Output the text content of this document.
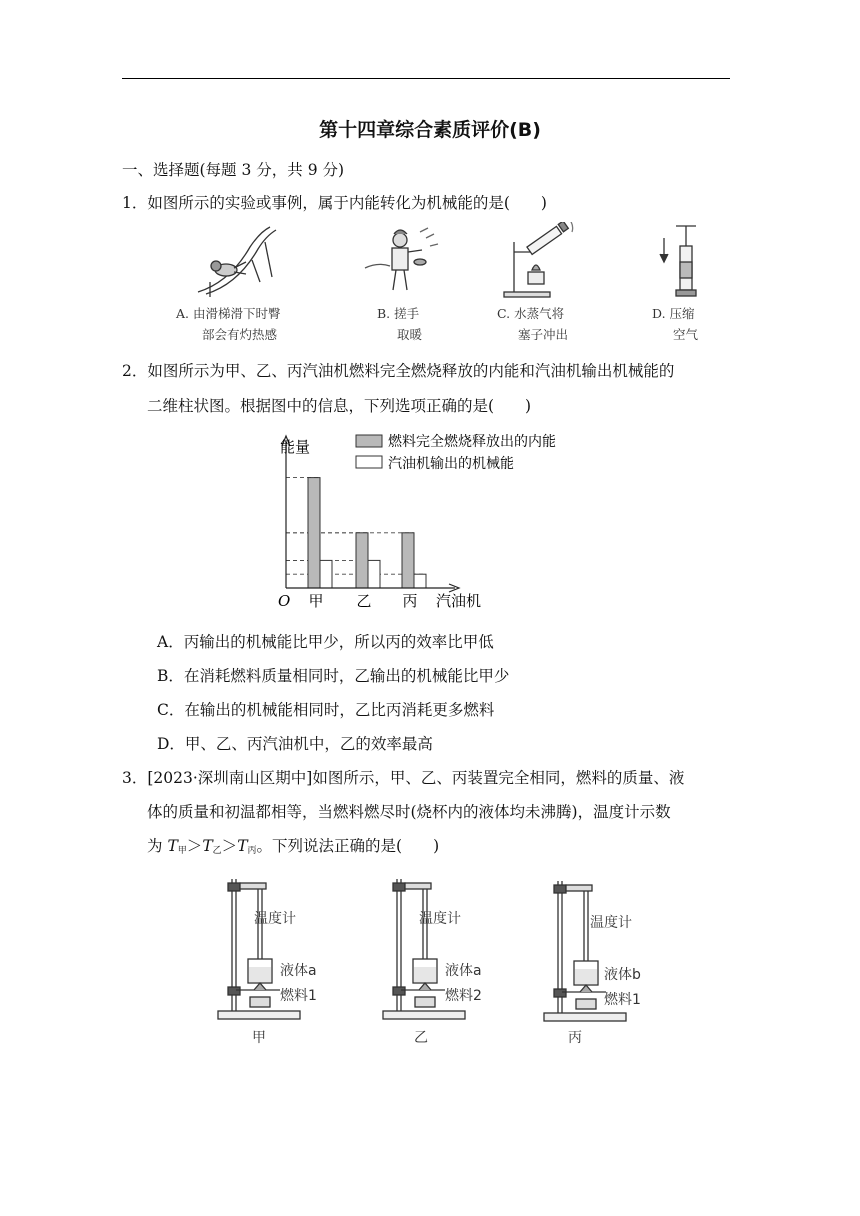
第十四章综合素质评价(B)
一、选择题(每题 3 分，共 9 分)
1．如图所示的实验或事例，属于内能转化为机械能的是(　　)
A. 由滑梯滑下时臀
部会有灼热感
B. 搓手
取暖
C. 水蒸气将
塞子冲出
D. 压缩
空气
2．如图所示为甲、乙、丙汽油机燃料完全燃烧释放的内能和汽油机输出机械能的
二维柱状图。根据图中的信息，下列选项正确的是(　　)
能量
O	汽油机
甲 乙 丙
燃料完全燃烧释放出的内能
汽油机输出的机械能
A．丙输出的机械能比甲少，所以丙的效率比甲低
B．在消耗燃料质量相同时，乙输出的机械能比甲少
C．在输出的机械能相同时，乙比丙消耗更多燃料
D．甲、乙、丙汽油机中，乙的效率最高
3．[2023·深圳南山区期中]如图所示，甲、乙、丙装置完全相同，燃料的质量、液
体的质量和初温都相等，当燃料燃尽时(烧杯内的液体均未沸腾)，温度计示数
为 $T_甲>T_乙>T_丙$。下列说法正确的是(　　)
温度计
液体a
燃料1
甲
温度计
液体a
燃料2
乙
温度计
液体b
燃料1
丙
